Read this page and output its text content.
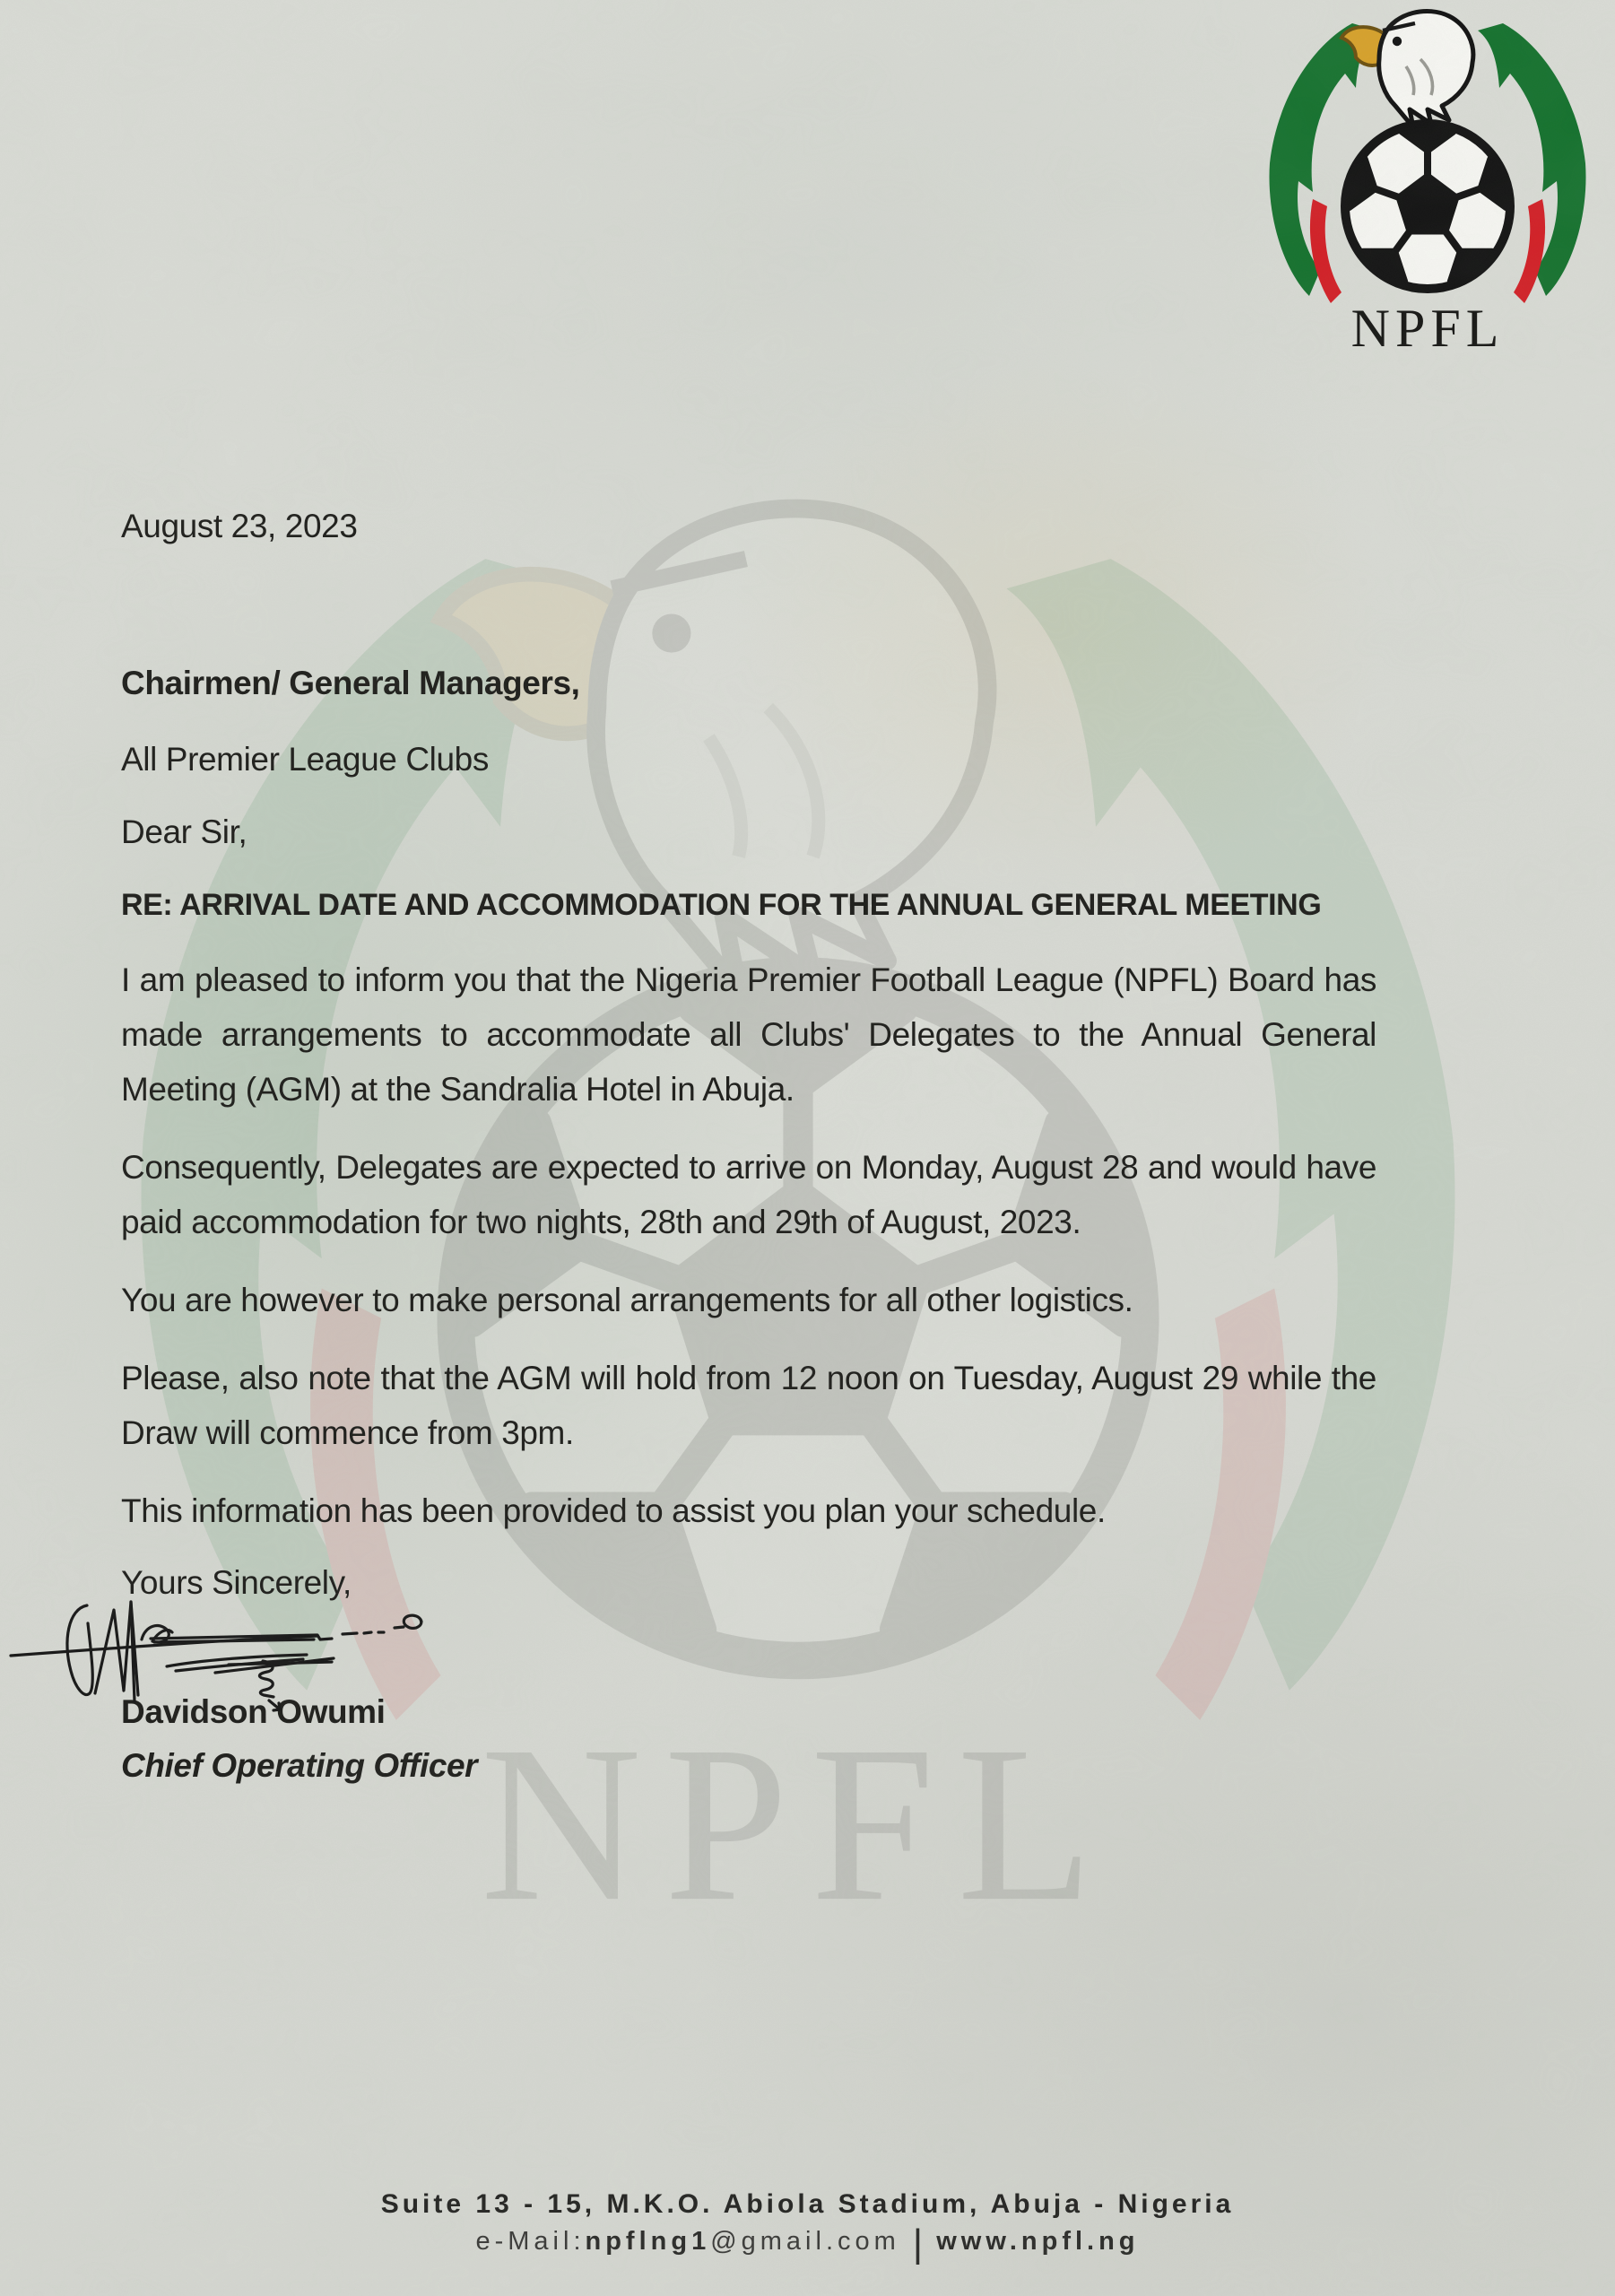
August 23, 2023
Chairmen/ General Managers,
All Premier League Clubs
Dear Sir,
RE: ARRIVAL DATE AND ACCOMMODATION FOR THE ANNUAL GENERAL MEETING

I am pleased to inform you that the Nigeria Premier Football League (NPFL) Board has made arrangements to accommodate all Clubs' Delegates to the Annual General Meeting (AGM) at the Sandralia Hotel in Abuja.

Consequently, Delegates are expected to arrive on Monday, August 28 and would have paid accommodation for two nights, 28th and 29th of August, 2023.

You are however to make personal arrangements for all other logistics.

Please, also note that the AGM will hold from 12 noon on Tuesday, August 29 while the Draw will commence from 3pm.

This information has been provided to assist you plan your schedule.

Yours Sincerely,
Davidson Owumi
Chief Operating Officer
Suite 13 - 15, M.K.O. Abiola Stadium, Abuja - Nigeria
e-Mail:npflng1@gmail.com | www.npfl.ng
